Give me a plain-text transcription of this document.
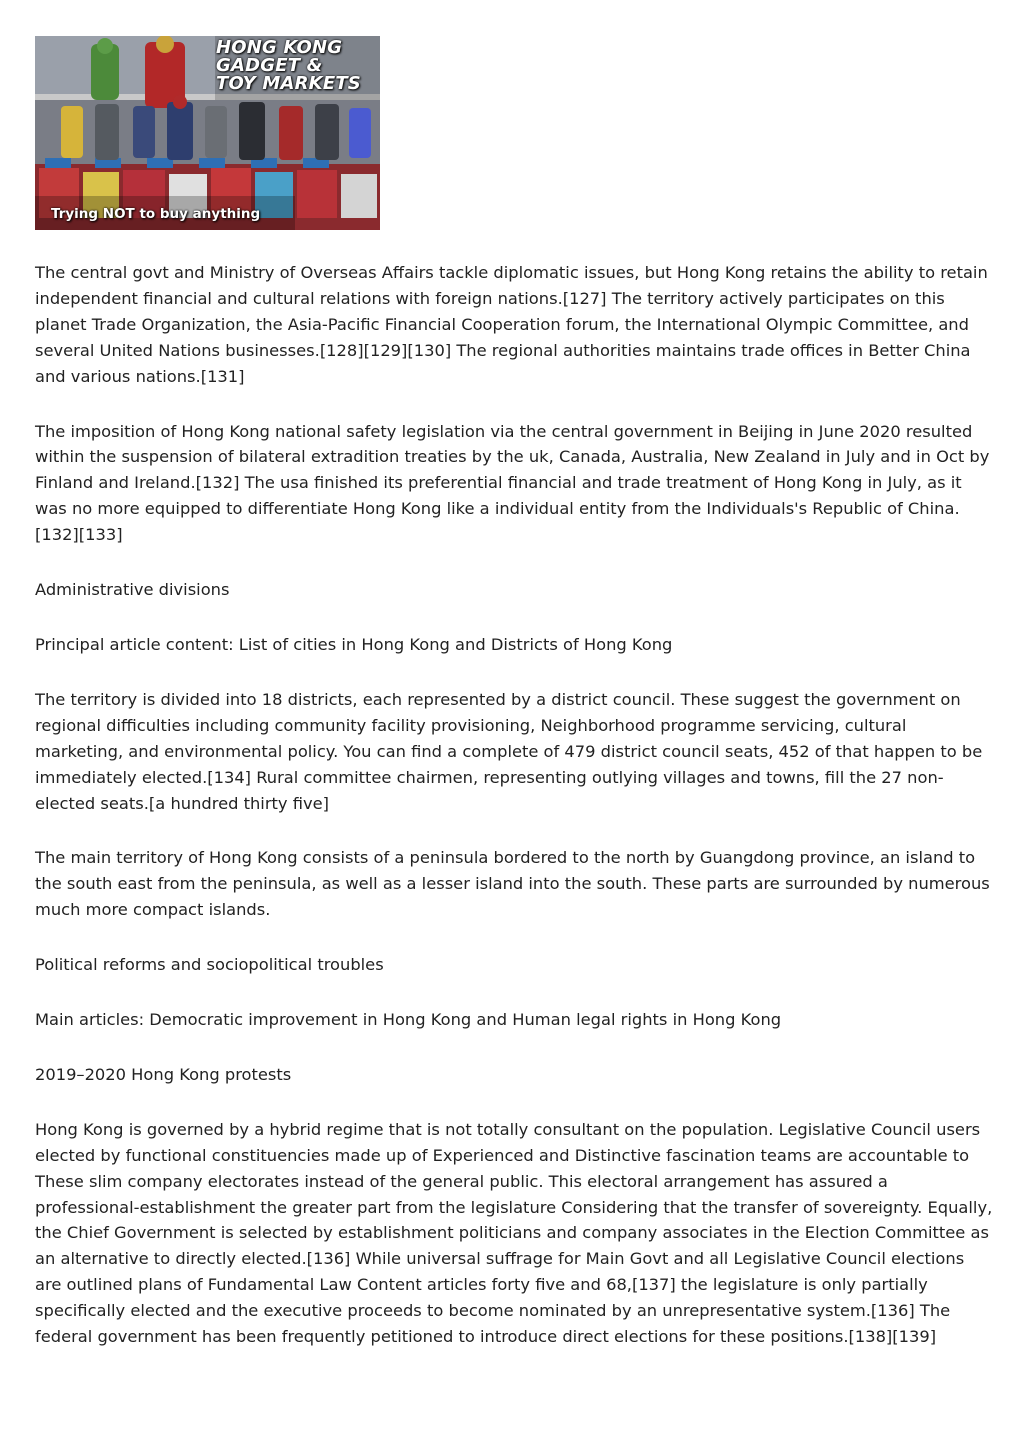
HONG KONG
GADGET &
TOY MARKETS
Trying NOT to buy anything

The central govt and Ministry of Overseas Affairs tackle diplomatic issues, but Hong Kong retains the ability to retain independent financial and cultural relations with foreign nations.[127] The territory actively participates on this planet Trade Organization, the Asia-Pacific Financial Cooperation forum, the International Olympic Committee, and several United Nations businesses.[128][129][130] The regional authorities maintains trade offices in Better China and various nations.[131]

The imposition of Hong Kong national safety legislation via the central government in Beijing in June 2020 resulted within the suspension of bilateral extradition treaties by the uk, Canada, Australia, New Zealand in July and in Oct by Finland and Ireland.[132] The usa finished its preferential financial and trade treatment of Hong Kong in July, as it was no more equipped to differentiate Hong Kong like a individual entity from the Individuals's Republic of China.[132][133]

Administrative divisions

Principal article content: List of cities in Hong Kong and Districts of Hong Kong

The territory is divided into 18 districts, each represented by a district council. These suggest the government on regional difficulties including community facility provisioning, Neighborhood programme servicing, cultural marketing, and environmental policy. You can find a complete of 479 district council seats, 452 of that happen to be immediately elected.[134] Rural committee chairmen, representing outlying villages and towns, fill the 27 non-elected seats.[a hundred thirty five]

The main territory of Hong Kong consists of a peninsula bordered to the north by Guangdong province, an island to the south east from the peninsula, as well as a lesser island into the south. These parts are surrounded by numerous much more compact islands.

Political reforms and sociopolitical troubles

Main articles: Democratic improvement in Hong Kong and Human legal rights in Hong Kong

2019–2020 Hong Kong protests

Hong Kong is governed by a hybrid regime that is not totally consultant on the population. Legislative Council users elected by functional constituencies made up of Experienced and Distinctive fascination teams are accountable to These slim company electorates instead of the general public. This electoral arrangement has assured a professional-establishment the greater part from the legislature Considering that the transfer of sovereignty. Equally, the Chief Government is selected by establishment politicians and company associates in the Election Committee as an alternative to directly elected.[136] While universal suffrage for Main Govt and all Legislative Council elections are outlined plans of Fundamental Law Content articles forty five and 68,[137] the legislature is only partially specifically elected and the executive proceeds to become nominated by an unrepresentative system.[136] The federal government has been frequently petitioned to introduce direct elections for these positions.[138][139]
